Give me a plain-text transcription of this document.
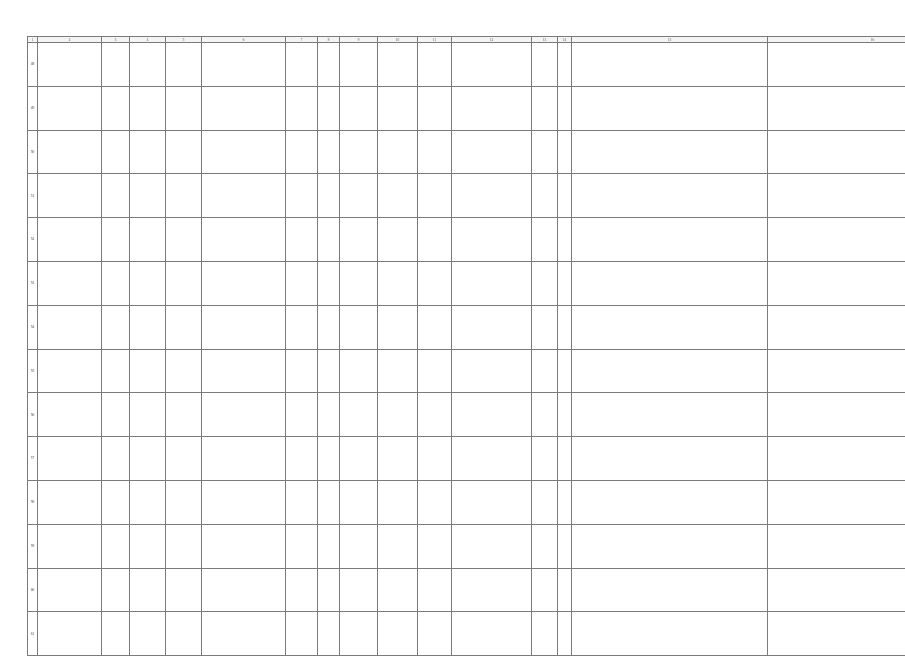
1	2	3	4	5	6	7	8	9	10	11	12	13	14	15	16
48															
49															
50															
51															
52															
53															
54															
55															
56															
57															
58															
59															
60															
61															
